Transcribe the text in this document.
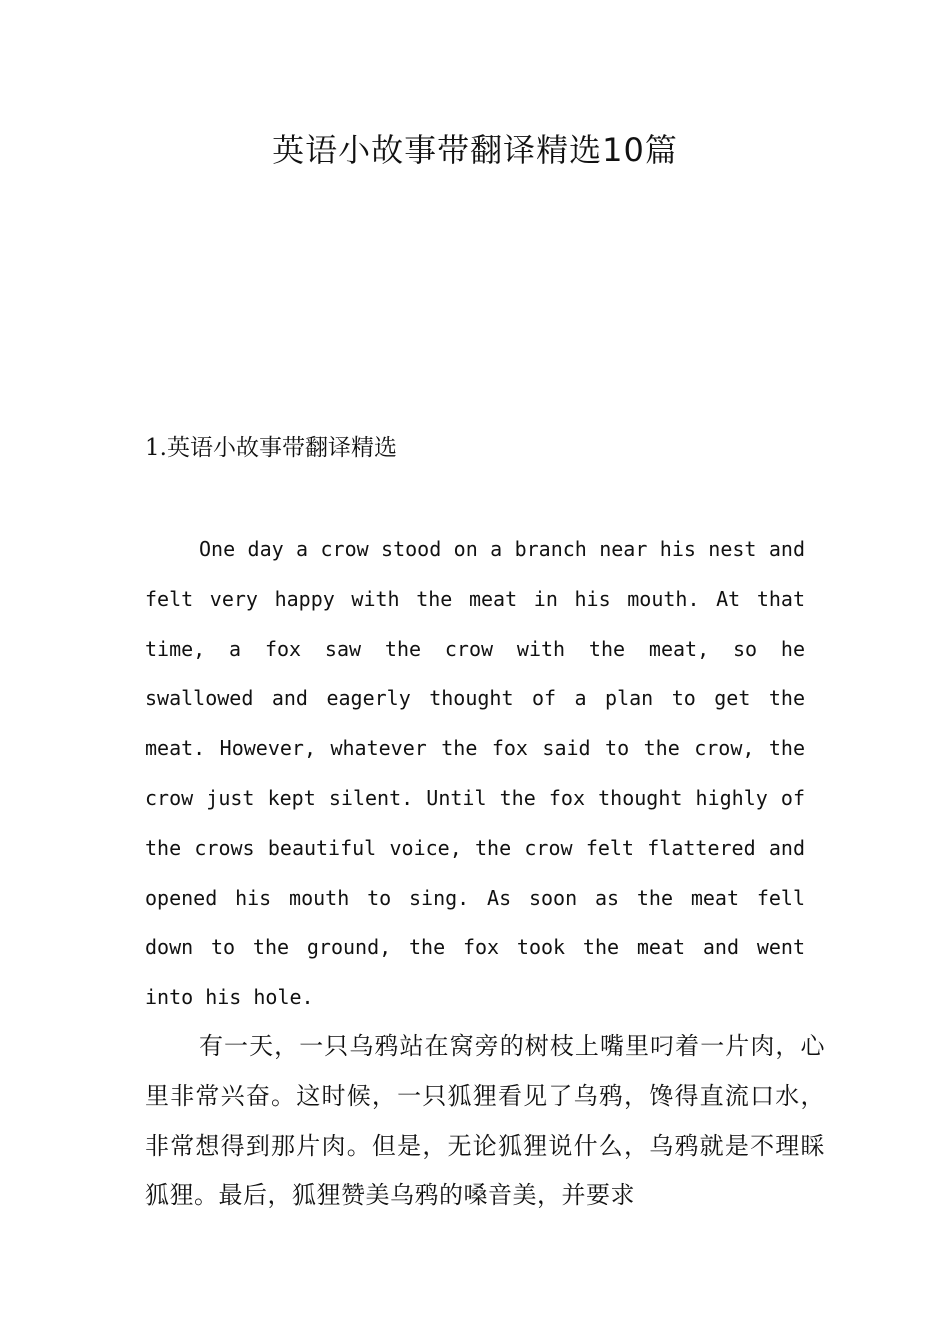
英语小故事带翻译精选10篇
1.英语小故事带翻译精选

One day a crow stood on a branch near his nest and felt very happy with the meat in his mouth. At that time, a fox saw the crow with the meat, so he swallowed and eagerly thought of a plan to get the meat. However, whatever the fox said to the crow, the crow just kept silent. Until the fox thought highly of the crows beautiful voice, the crow felt flattered and opened his mouth to sing. As soon as the meat fell down to the ground, the fox took the meat and went into his hole.

有一天，一只乌鸦站在窝旁的树枝上嘴里叼着一片肉，心里非常兴奋。这时候，一只狐狸看见了乌鸦，馋得直流口水，非常想得到那片肉。但是，无论狐狸说什么，乌鸦就是不理睬狐狸。最后，狐狸赞美乌鸦的嗓音美，并要求
